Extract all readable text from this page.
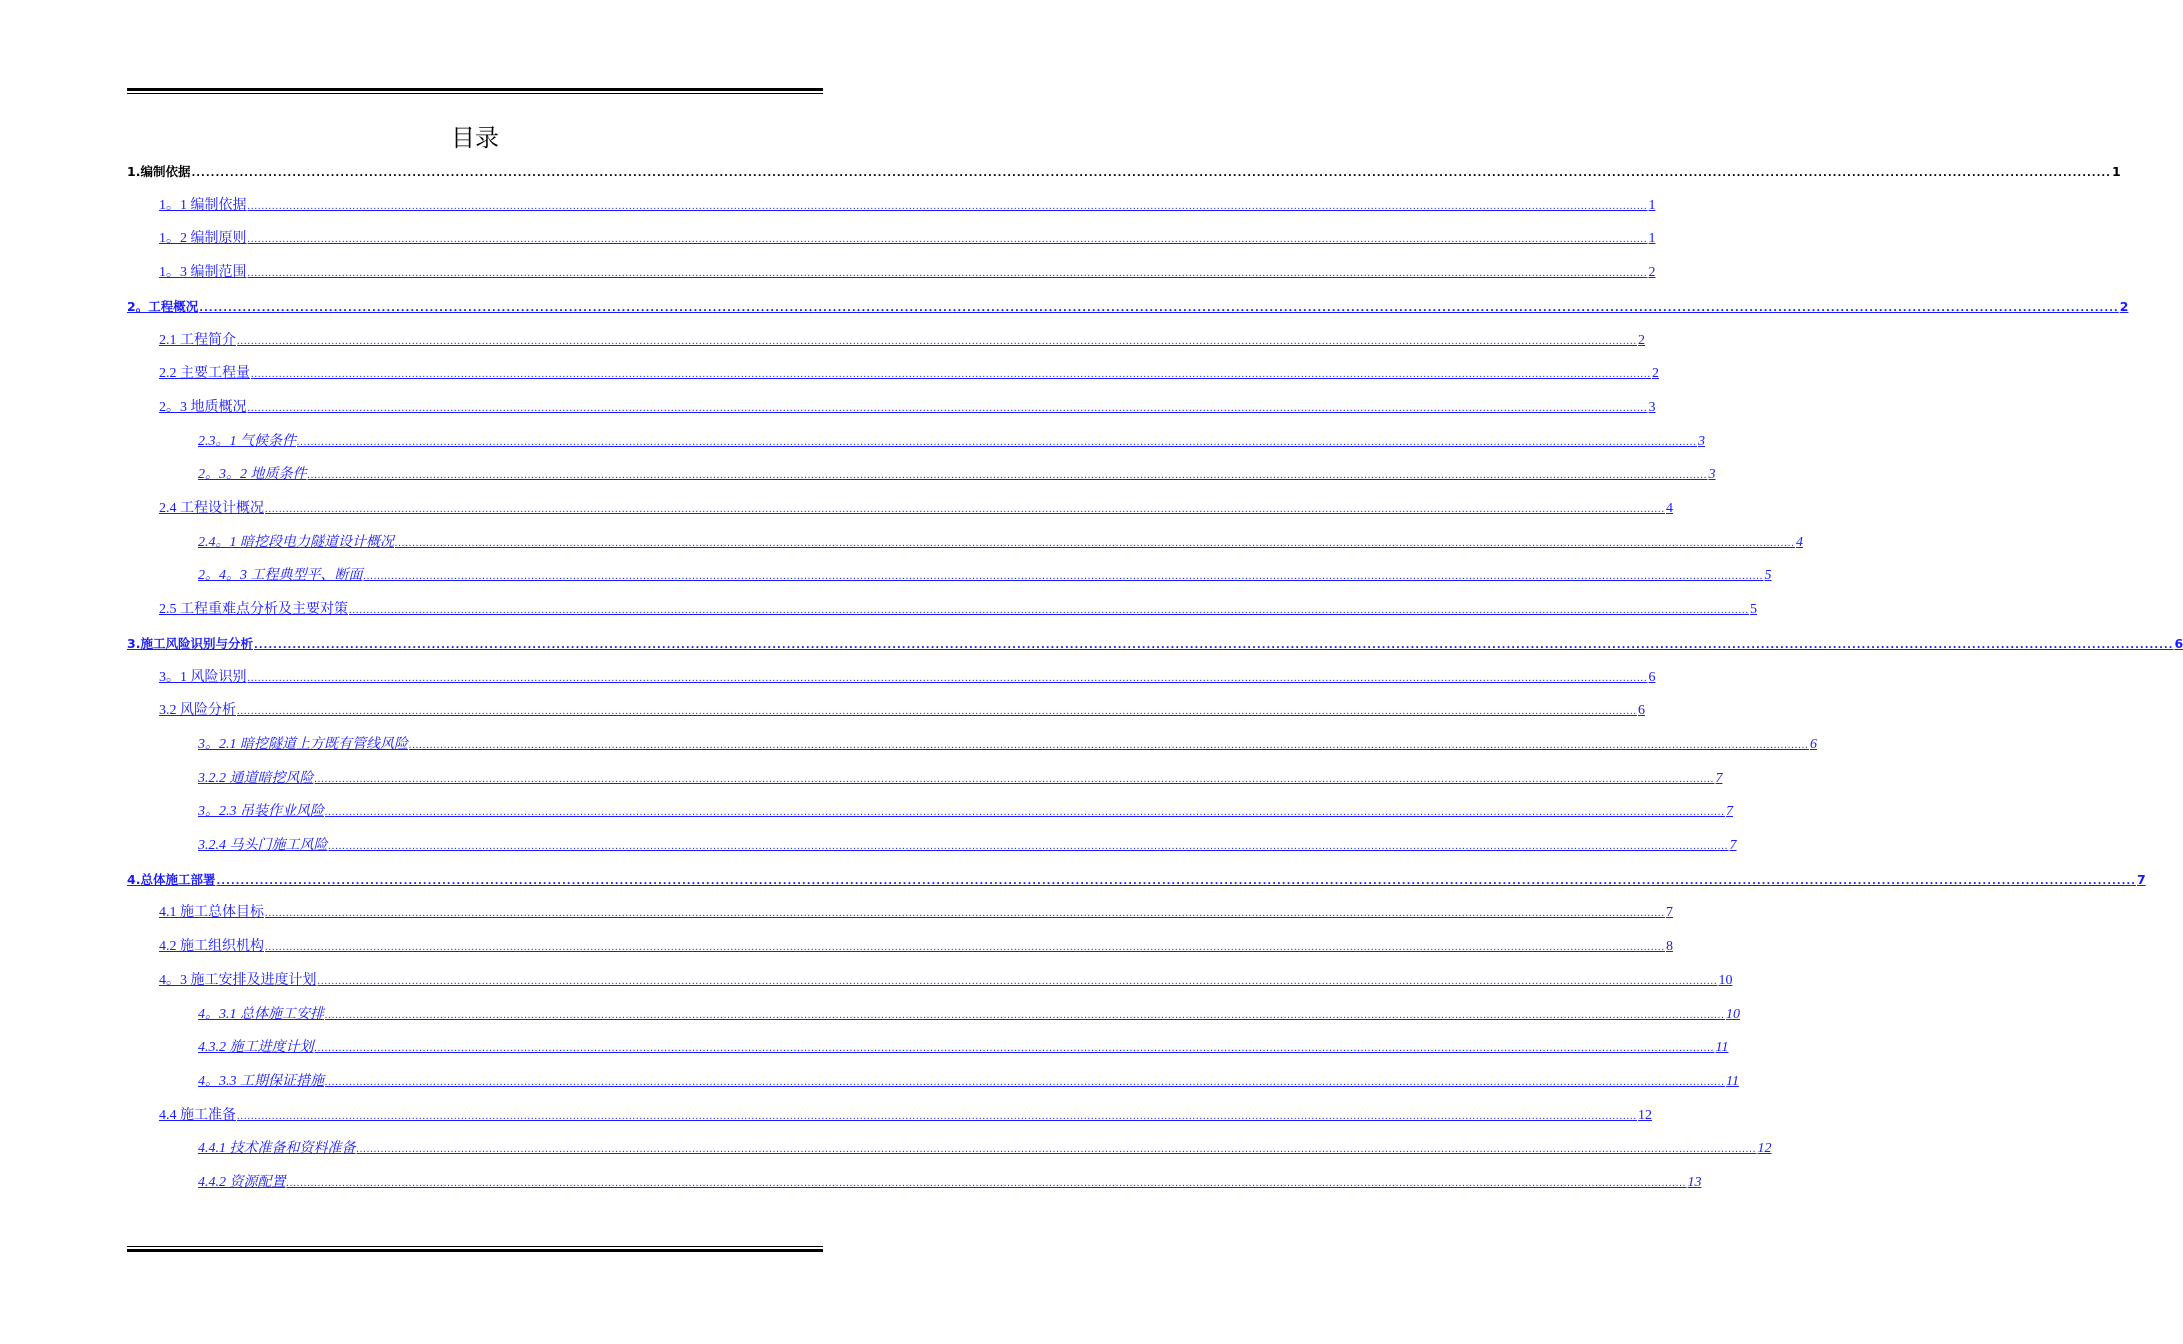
目录
1.编制依据 ................................................................................................................................................................................................................................................................................................................................................................................................................ 1
1。1 编制依据 ................................................................................................................................................................................................................................................................................................................................................................................................................ 1
1。2 编制原则 ................................................................................................................................................................................................................................................................................................................................................................................................................ 1
1。3 编制范围 ................................................................................................................................................................................................................................................................................................................................................................................................................ 2
2。工程概况 ................................................................................................................................................................................................................................................................................................................................................................................................................ 2
2.1 工程简介 ................................................................................................................................................................................................................................................................................................................................................................................................................ 2
2.2 主要工程量 ................................................................................................................................................................................................................................................................................................................................................................................................................ 2
2。3 地质概况 ................................................................................................................................................................................................................................................................................................................................................................................................................ 3
2.3。1 气候条件 ................................................................................................................................................................................................................................................................................................................................................................................................................ 3
2。3。2 地质条件 ................................................................................................................................................................................................................................................................................................................................................................................................................ 3
2.4 工程设计概况 ................................................................................................................................................................................................................................................................................................................................................................................................................ 4
2.4。1 暗挖段电力隧道设计概况 ................................................................................................................................................................................................................................................................................................................................................................................................................ 4
2。4。3 工程典型平、断面 ................................................................................................................................................................................................................................................................................................................................................................................................................ 5
2.5 工程重难点分析及主要对策 ................................................................................................................................................................................................................................................................................................................................................................................................................ 5
3.施工风险识别与分析 ................................................................................................................................................................................................................................................................................................................................................................................................................ 6
3。1 风险识别 ................................................................................................................................................................................................................................................................................................................................................................................................................ 6
3.2 风险分析 ................................................................................................................................................................................................................................................................................................................................................................................................................ 6
3。2.1 暗挖隧道上方既有管线风险 ................................................................................................................................................................................................................................................................................................................................................................................................................ 6
3.2.2 通道暗挖风险 ................................................................................................................................................................................................................................................................................................................................................................................................................ 7
3。2.3 吊装作业风险 ................................................................................................................................................................................................................................................................................................................................................................................................................ 7
3.2.4 马头门施工风险 ................................................................................................................................................................................................................................................................................................................................................................................................................ 7
4.总体施工部署 ................................................................................................................................................................................................................................................................................................................................................................................................................ 7
4.1 施工总体目标 ................................................................................................................................................................................................................................................................................................................................................................................................................ 7
4.2 施工组织机构 ................................................................................................................................................................................................................................................................................................................................................................................................................ 8
4。3 施工安排及进度计划 ................................................................................................................................................................................................................................................................................................................................................................................................................ 10
4。3.1 总体施工安排 ................................................................................................................................................................................................................................................................................................................................................................................................................ 10
4.3.2 施工进度计划 ................................................................................................................................................................................................................................................................................................................................................................................................................ 11
4。3.3 工期保证措施 ................................................................................................................................................................................................................................................................................................................................................................................................................ 11
4.4 施工准备 ................................................................................................................................................................................................................................................................................................................................................................................................................ 12
4.4.1 技术准备和资料准备 ................................................................................................................................................................................................................................................................................................................................................................................................................ 12
4.4.2 资源配置 ................................................................................................................................................................................................................................................................................................................................................................................................................ 13
